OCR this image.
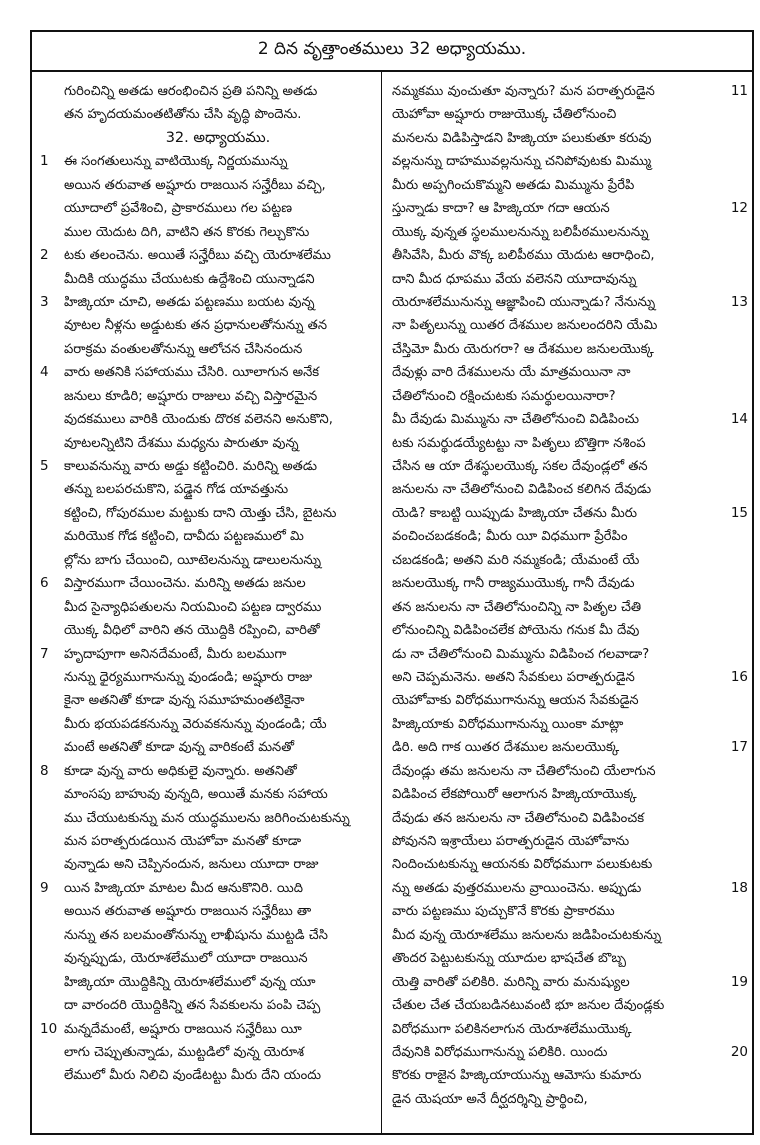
2 దిన వృత్తాంతములు 32 అధ్యాయము.
గురించిన్ని అతడు ఆరంభించిన ప్రతి పనిన్ని అతడు
తన హృదయమంతటితోను చేసి వృద్ధి పొందెను.
32. అధ్యాయము.
1	ఈ సంగతులున్ను వాటియొక్క నిర్ణయమున్ను
అయిన తరువాత అష్షూరు రాజయిన సన్హేరీబు వచ్చి,
యూదాలో ప్రవేశించి, ప్రాకారములు గల పట్టణ
ముల యెదుట దిగి, వాటిని తన కొరకు గెల్చుకొను
2	టకు తలంచెను. అయితే సన్హేరీబు వచ్చి యెరూశలేము
మీదికి యుద్ధము చేయుటకు ఉద్దేశించి యున్నాడని
3	హిజ్కియా చూచి, అతడు పట్టణము బయట వున్న
వూటల నీళ్లను అడ్డుటకు తన ప్రధానులతోనున్ను తన
పరాక్రమ వంతులతోనున్ను ఆలోచన చేసినందున
4	వారు అతనికి సహాయము చేసిరి. యీలాగున అనేక
జనులు కూడిరి; అష్షూరు రాజులు వచ్చి విస్తారమైన
వుదకములు వారికి యెందుకు దొరక వలెనని అనుకొని,
వూటలన్నిటిని దేశము మధ్యను పారుతూ వున్న
5	కాలువనున్ను వారు అడ్డు కట్టించిరి. మరిన్ని అతడు
తన్ను బలపరచుకొని, పడ్డైన గోడ యావత్తును
కట్టించి, గోపురముల మట్టుకు దాని యెత్తు చేసి, బైటను
మరియొక గోడ కట్టించి, దావీదు పట్టణములో మి
ల్లోను బాగు చేయించి, యీటెలనున్ను డాలులనున్ను
6	విస్తారముగా చేయించెను. మరిన్ని అతడు జనుల
మీద సైన్యాధిపతులను నియమించి పట్టణ ద్వారము
యొక్క వీధిలో వారిని తన యొద్దికి రప్పించి, వారితో
7	హృదాపూగా అనినదేమంటే, మీరు బలముగా
నున్ను ధైర్యముగానున్ను వుండండి; అష్షూరు రాజు
కైనా అతనితో కూడా వున్న సమూహమంతటికైనా
మీరు భయపడకనున్ను వెరువకనున్ను వుండండి; యే
మంటే అతనితో కూడా వున్న వారికంటే మనతో
8	కూడా వున్న వారు అధికులై వున్నారు. అతనితో
మాంసపు బాహువు వున్నది, అయితే మనకు సహాయ
ము చేయుటకున్ను మన యుద్ధములను జరిగించుటకున్ను
మన పరాత్పరుడయిన యెహోవా మనతో కూడా
వున్నాడు అని చెప్పినందున, జనులు యూదా రాజు
9	యిన హిజ్కియా మాటల మీద ఆనుకొనిరి. యిది
అయిన తరువాత అష్షూరు రాజయిన సన్హేరీబు తా
నున్ను తన బలమంతోనున్ను లాఖీషును ముట్టడి చేసి
వున్నప్పుడు, యెరూశలేములో యూదా రాజయిన
హిజ్కియా యొద్దికిన్ని యెరూశలేములో వున్న యూ
దా వారందరి యొద్దికిన్ని తన సేవకులను పంపి చెప్ప
10 మన్నదేమంటే, అష్షూరు రాజయిన సన్హేరీబు యీ
లాగు చెప్పుతున్నాడు, ముట్టడిలో వున్న యెరూశ
లేములో మీరు నిలిచి వుండేటట్టు మీరు దేని యందు
11
నమ్మకము వుంచుతూ వున్నారు? మన పరాత్పరుడైన
యెహోవా అష్షూరు రాజుయొక్క చేతిలోనుంచి
మనలను విడిపిస్తాడని హిజ్కియా పలుకుతూ కరువు
వల్లనున్ను దాహమువల్లనున్ను చనిపోవుటకు మిమ్ము
మీరు అప్పగించుకొమ్మని అతడు మిమ్మును ప్రేరేపి
12
స్తున్నాడు కాదా? ఆ హిజ్కియా గదా ఆయన
యొక్క వున్నత స్థలములనున్ను బలిపీఠములనున్ను
తీసివేసి, మీరు వొక్క బలిపీఠము యెదుట ఆరాధించి,
దాని మీద ధూపము వేయ వలెనని యూదావున్ను
13
యెరూశలేమునున్ను ఆజ్ఞాపించి యున్నాడు? నేనున్ను
నా పితృలున్ను యితర దేశముల జనులందరిని యేమి
చేస్తిమో మీరు యెరుగరా? ఆ దేశముల జనులయొక్క
దేవుళ్లు వారి దేశములను యే మాత్రమయినా నా
చేతిలోనుంచి రక్షించుటకు సమర్థులయినారా?
14
మీ దేవుడు మిమ్మును నా చేతిలోనుంచి విడిపించు
టకు సమర్థుడయ్యేటట్టు నా పితృలు బొత్తిగా నశింప
చేసిన ఆ యా దేశస్థులయొక్క సకల దేవుండ్లలో తన
జనులను నా చేతిలోనుంచి విడిపించ కలిగిన దేవుడు
15
యెడి? కాబట్టి యిప్పుడు హిజ్కియా చేతను మీరు
వంచించబడకండి; మీరు యీ విధముగా ప్రేరేపిం
చబడకండి; అతని మరి నమ్మకండి; యేమంటే యే
జనులయొక్క గానీ రాజ్యముయొక్క గానీ దేవుడు
తన జనులను నా చేతిలోనుంచిన్ని నా పితృల చేతి
లోనుంచిన్ని విడిపించలేక పోయెను గనుక మీ దేవు
డు నా చేతిలోనుంచి మిమ్మును విడిపించ గలవాడా?
16
అని చెప్పమనెను. అతని సేవకులు పరాత్పరుడైన
యెహోవాకు విరోధముగానున్ను ఆయన సేవకుడైన
హిజ్కియాకు విరోధముగానున్ను యింకా మాట్లా
17
డిరి. అది గాక యితర దేశముల జనులయొక్క
దేవుండ్లు తమ జనులను నా చేతిలోనుంచి యేలాగున
విడిపించ లేకపోయిరో ఆలాగున హిజ్కియాయొక్క
దేవుడు తన జనులను నా చేతిలోనుంచి విడిపించక
పోవునని ఇశ్రాయేలు పరాత్పరుడైన యెహోవాను
నిందించుటకున్ను ఆయనకు విరోధముగా పలుకుటకు
18
న్ను అతడు వుత్తరములను వ్రాయించెను. అప్పుడు
వారు పట్టణము పుచ్చుకొనే కొరకు ప్రాకారము
మీద వున్న యెరూశలేము జనులను జడిపించుటకున్ను
తొందర పెట్టుటకున్ను యూదుల భాషచేత బొబ్బ
19
యెత్తి వారితో పలికిరి. మరిన్ని వారు మనుష్యుల
చేతుల చేత చేయబడినటువంటి భూ జనుల దేవుండ్లకు
విరోధముగా పలికినలాగున యెరూశలేముయొక్క
20
దేవునికి విరోధముగానున్ను పలికిరి. యిందు
కొరకు రాజైన హిజ్కియాయున్ను ఆమోసు కుమారు
డైన యెషయా అనే దీర్ఘదర్శిన్ని ప్రార్థించి,
